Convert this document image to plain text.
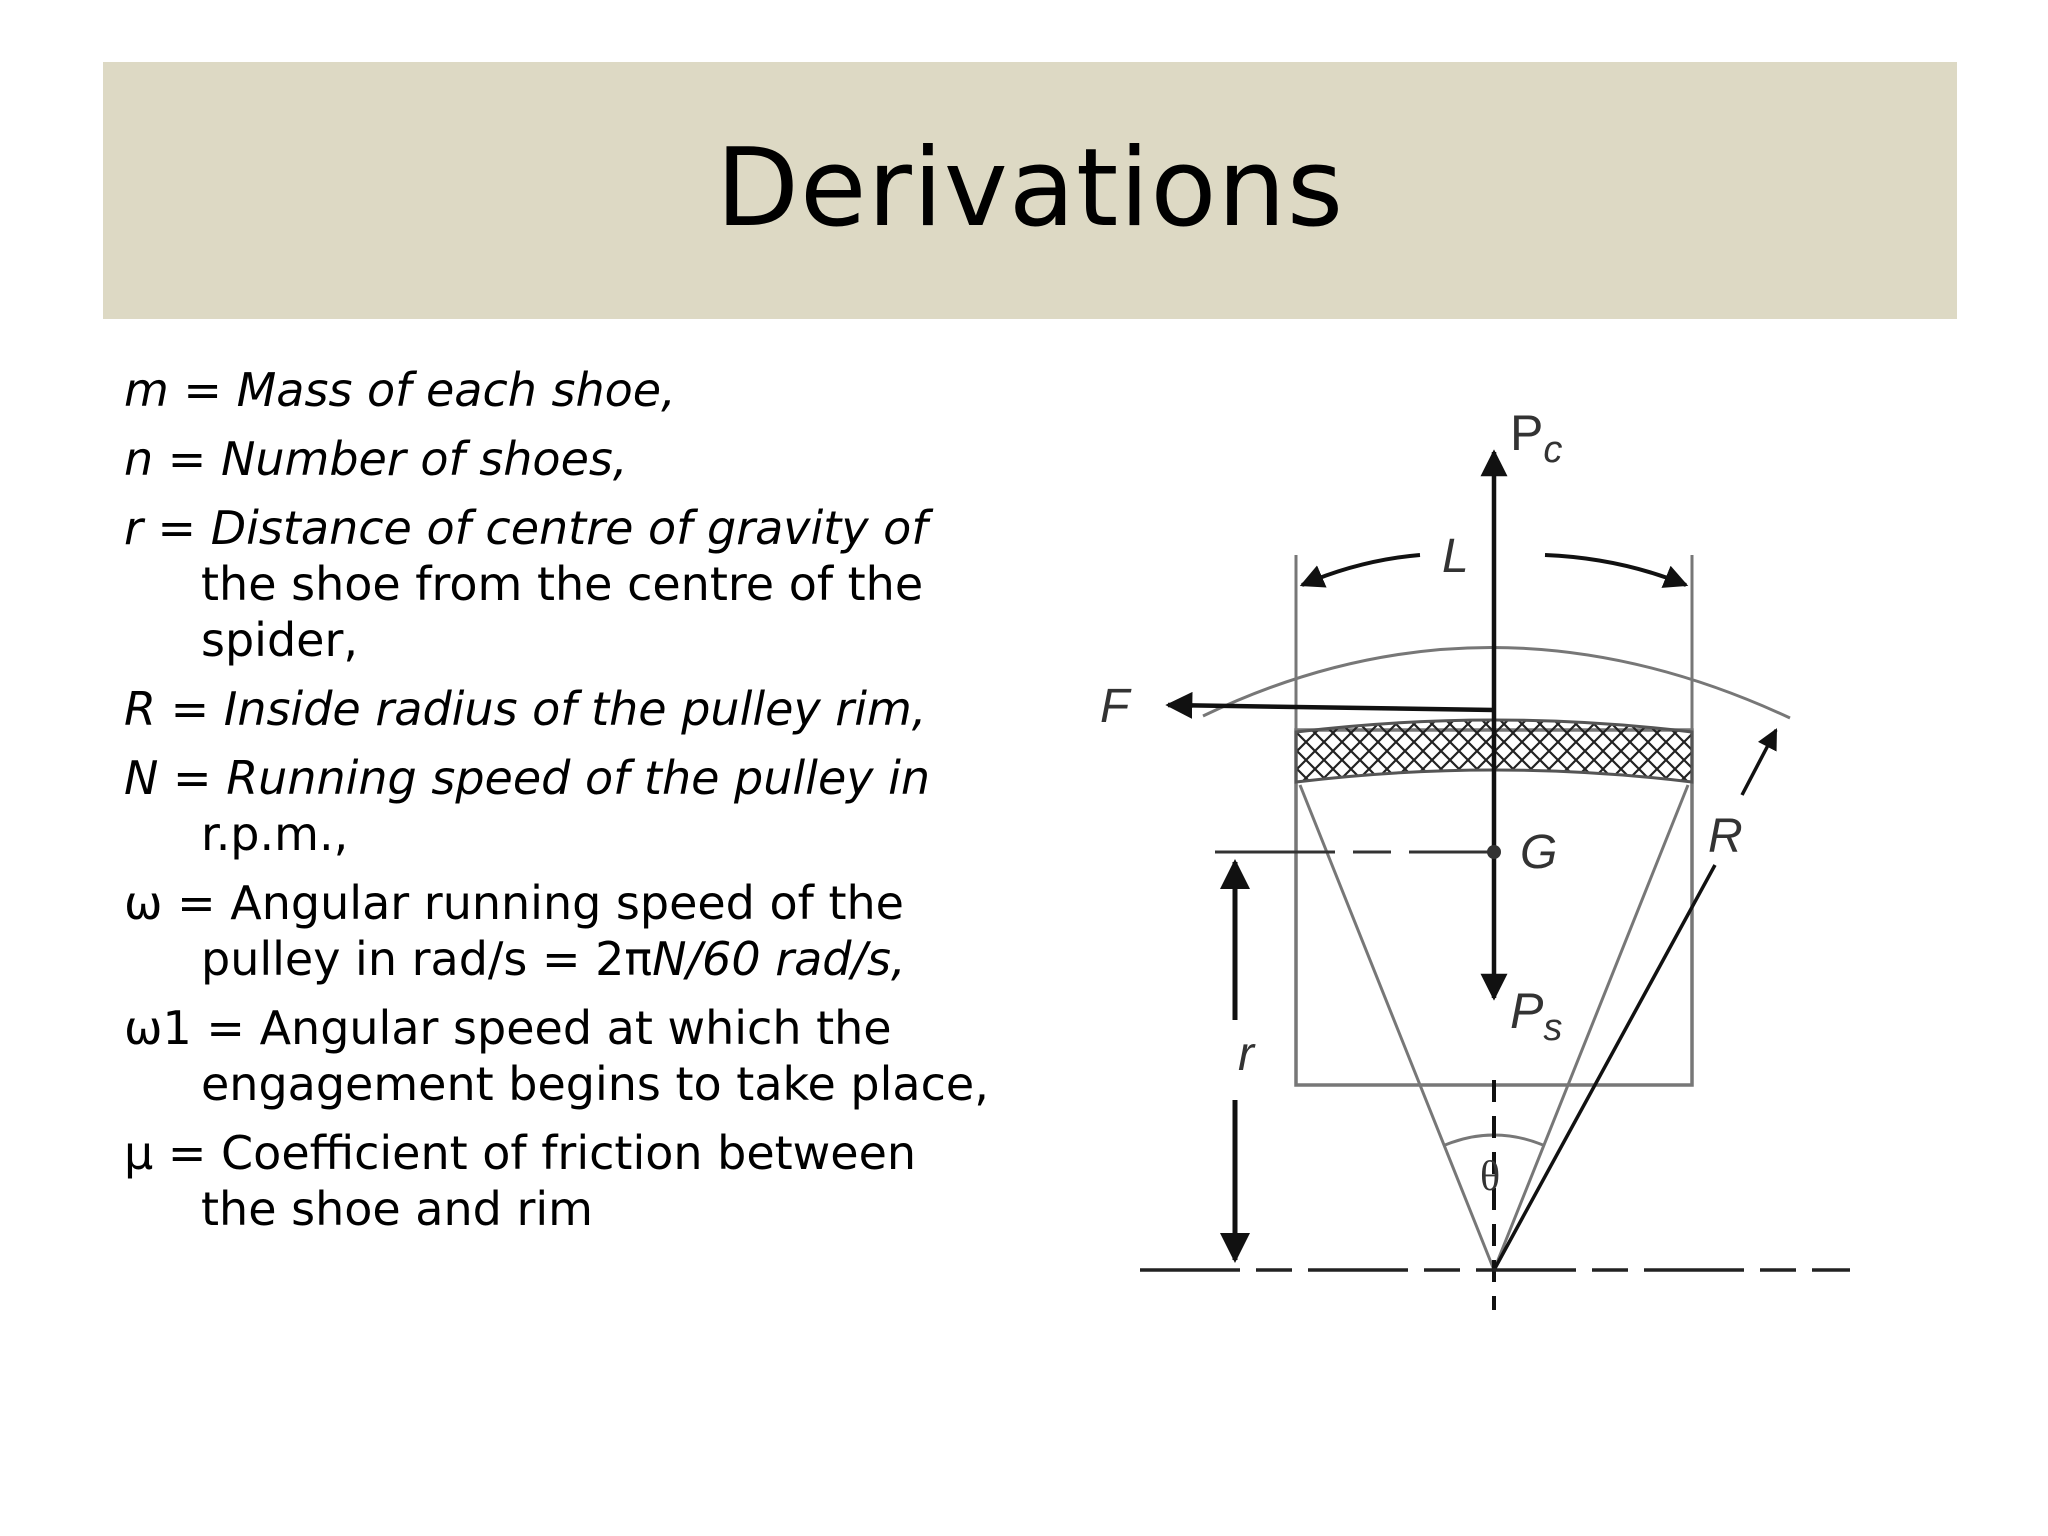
Derivations
m = Mass of each shoe,
n = Number of shoes,
r = Distance of centre of gravity of
the shoe from the centre of the
spider,
R = Inside radius of the pulley rim,
N = Running speed of the pulley in
r.p.m.,
ω = Angular running speed of the
pulley in rad/s = 2πN/60 rad/s,
ω1 = Angular speed at which the
engagement begins to take place,
μ = Coefficient of friction between
the shoe and rim
$P_c$
$P_s$
L
F
G	R
r
θ
